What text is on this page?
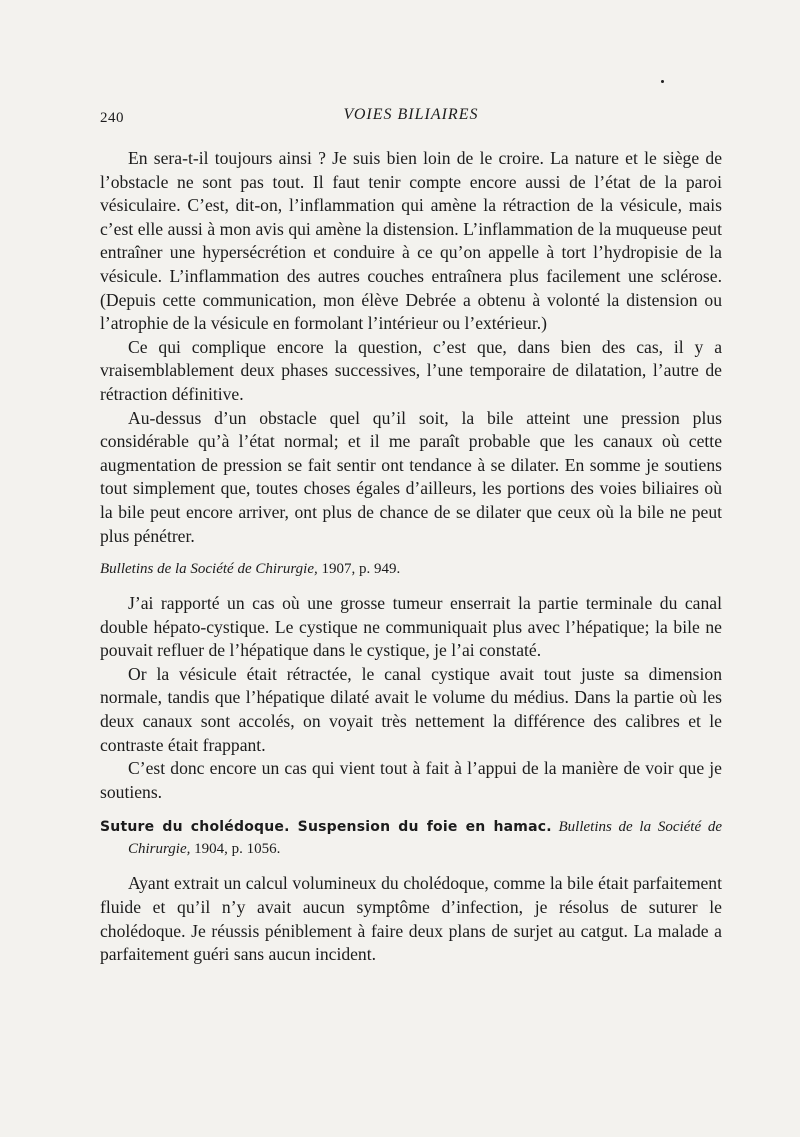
240	VOIES BILIAIRES

En sera-t-il toujours ainsi ? Je suis bien loin de le croire. La nature et le siège de l’obstacle ne sont pas tout. Il faut tenir compte encore aussi de l’état de la paroi vésiculaire. C’est, dit-on, l’inflammation qui amène la rétraction de la vésicule, mais c’est elle aussi à mon avis qui amène la distension. L’inflammation de la muqueuse peut entraîner une hypersécrétion et conduire à ce qu’on appelle à tort l’hydropisie de la vésicule. L’inflammation des autres couches entraînera plus facilement une sclérose. (Depuis cette communication, mon élève Debrée a obtenu à volonté la distension ou l’atrophie de la vésicule en formolant l’intérieur ou l’extérieur.)

Ce qui complique encore la question, c’est que, dans bien des cas, il y a vraisemblablement deux phases successives, l’une temporaire de dilatation, l’autre de rétraction définitive.

Au-dessus d’un obstacle quel qu’il soit, la bile atteint une pression plus considérable qu’à l’état normal; et il me paraît probable que les canaux où cette augmentation de pression se fait sentir ont tendance à se dilater. En somme je soutiens tout simplement que, toutes choses égales d’ailleurs, les portions des voies biliaires où la bile peut encore arriver, ont plus de chance de se dilater que ceux où la bile ne peut plus pénétrer.

Bulletins de la Société de Chirurgie, 1907, p. 949.

J’ai rapporté un cas où une grosse tumeur enserrait la partie terminale du canal double hépato-cystique. Le cystique ne communiquait plus avec l’hépatique; la bile ne pouvait refluer de l’hépatique dans le cystique, je l’ai constaté.

Or la vésicule était rétractée, le canal cystique avait tout juste sa dimension normale, tandis que l’hépatique dilaté avait le volume du médius. Dans la partie où les deux canaux sont accolés, on voyait très nettement la différence des calibres et le contraste était frappant.

C’est donc encore un cas qui vient tout à fait à l’appui de la manière de voir que je soutiens.

Suture du cholédoque. Suspension du foie en hamac. Bulletins de la Société de Chirurgie, 1904, p. 1056.

Ayant extrait un calcul volumineux du cholédoque, comme la bile était parfaitement fluide et qu’il n’y avait aucun symptôme d’infection, je résolus de suturer le cholédoque. Je réussis péniblement à faire deux plans de surjet au catgut. La malade a parfaitement guéri sans aucun incident.
